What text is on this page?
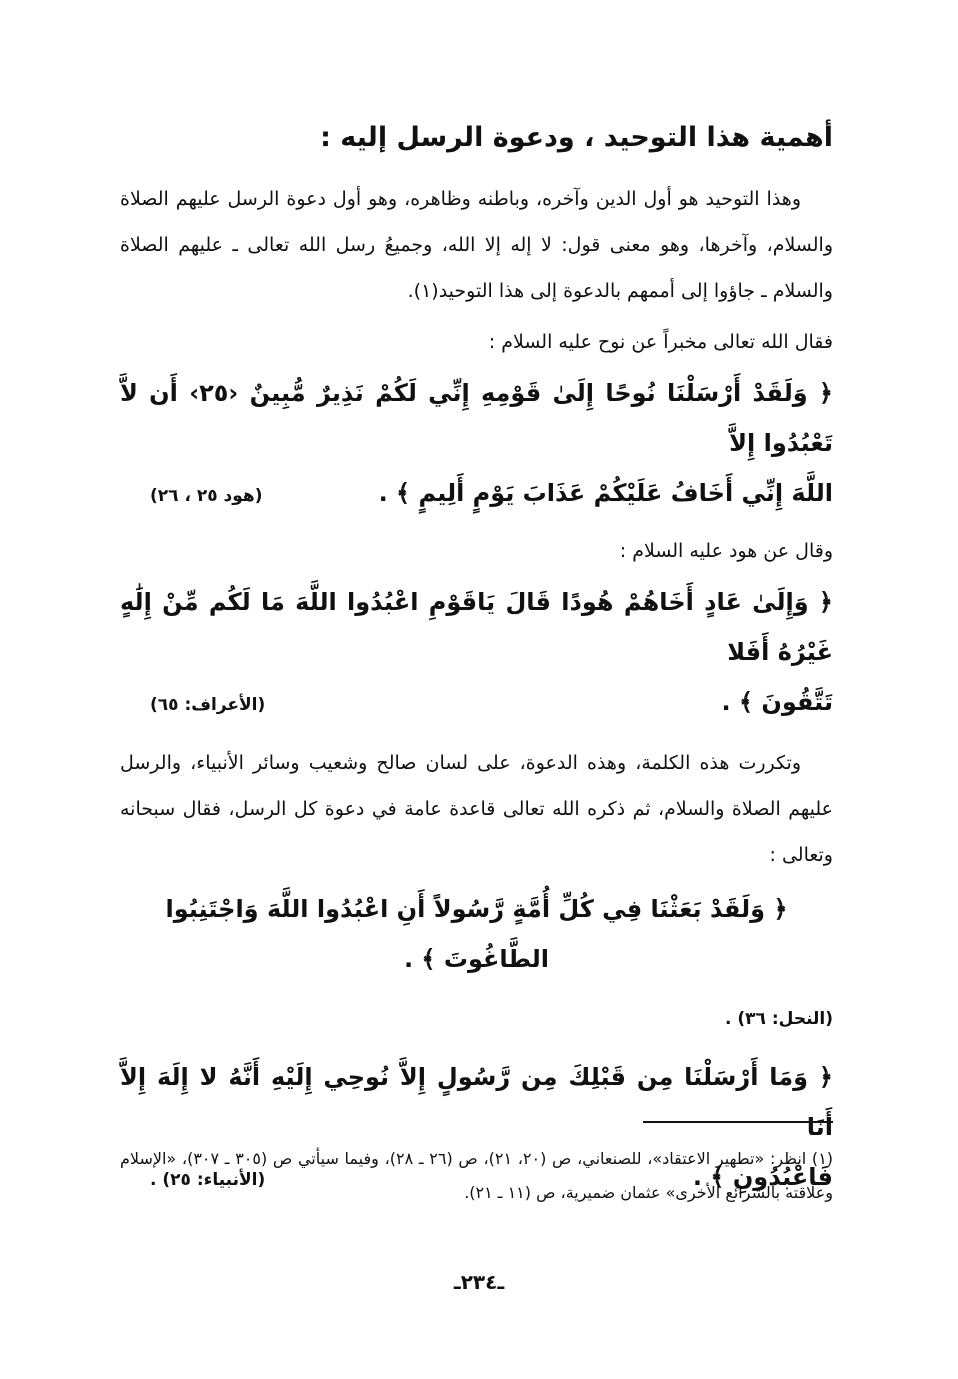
أهمية هذا التوحيد ، ودعوة الرسل إليه :

وهذا التوحيد هو أول الدين وآخره، وباطنه وظاهره، وهو أول دعوة الرسل عليهم الصلاة والسلام، وآخرها، وهو معنى قول: لا إله إلا الله، وجميعُ رسل الله تعالى ـ عليهم الصلاة والسلام ـ جاؤوا إلى أممهم بالدعوة إلى هذا التوحيد(١).

فقال الله تعالى مخبراً عن نوح عليه السلام :

﴿ وَلَقَدْ أَرْسَلْنَا نُوحًا إِلَىٰ قَوْمِهِ إِنِّي لَكُمْ نَذِيرٌ مُّبِينٌ ‹٢٥› أَن لاَّ تَعْبُدُوا إِلاَّ
اللَّهَ إِنِّي أَخَافُ عَلَيْكُمْ عَذَابَ يَوْمٍ أَلِيمٍ ﴾ .
(هود ٢٥ ، ٢٦)

وقال عن هود عليه السلام :

﴿ وَإِلَىٰ عَادٍ أَخَاهُمْ هُودًا قَالَ يَاقَوْمِ اعْبُدُوا اللَّهَ مَا لَكُم مِّنْ إِلَٰهٍ غَيْرُهُ أَفَلا
تَتَّقُونَ ﴾ .
(الأعراف: ٦٥)

وتكررت هذه الكلمة، وهذه الدعوة، على لسان صالح وشعيب وسائر الأنبياء، والرسل عليهم الصلاة والسلام، ثم ذكره الله تعالى قاعدة عامة في دعوة كل الرسل، فقال سبحانه وتعالى :

﴿ وَلَقَدْ بَعَثْنَا فِي كُلِّ أُمَّةٍ رَّسُولاً أَنِ اعْبُدُوا اللَّهَ وَاجْتَنِبُوا الطَّاغُوتَ ﴾ .
(النحل: ٣٦) .
﴿ وَمَا أَرْسَلْنَا مِن قَبْلِكَ مِن رَّسُولٍ إِلاَّ نُوحِي إِلَيْهِ أَنَّهُ لا إِلَهَ إِلاَّ أَنَا
فَاعْبُدُونِ ﴾ .
(الأنبياء: ٢٥) .

(١) انظر: «تطهير الاعتقاد»، للصنعاني، ص (٢٠، ٢١)، ص (٢٦ ـ ٢٨)، وفيما سيأتي ص (٣٠٥ ـ ٣٠٧)، «الإسلام وعلاقته بالشرائع الأخرى» عثمان ضميرية، ص (١١ ـ ٢١).

ـ٢٣٤ـ
